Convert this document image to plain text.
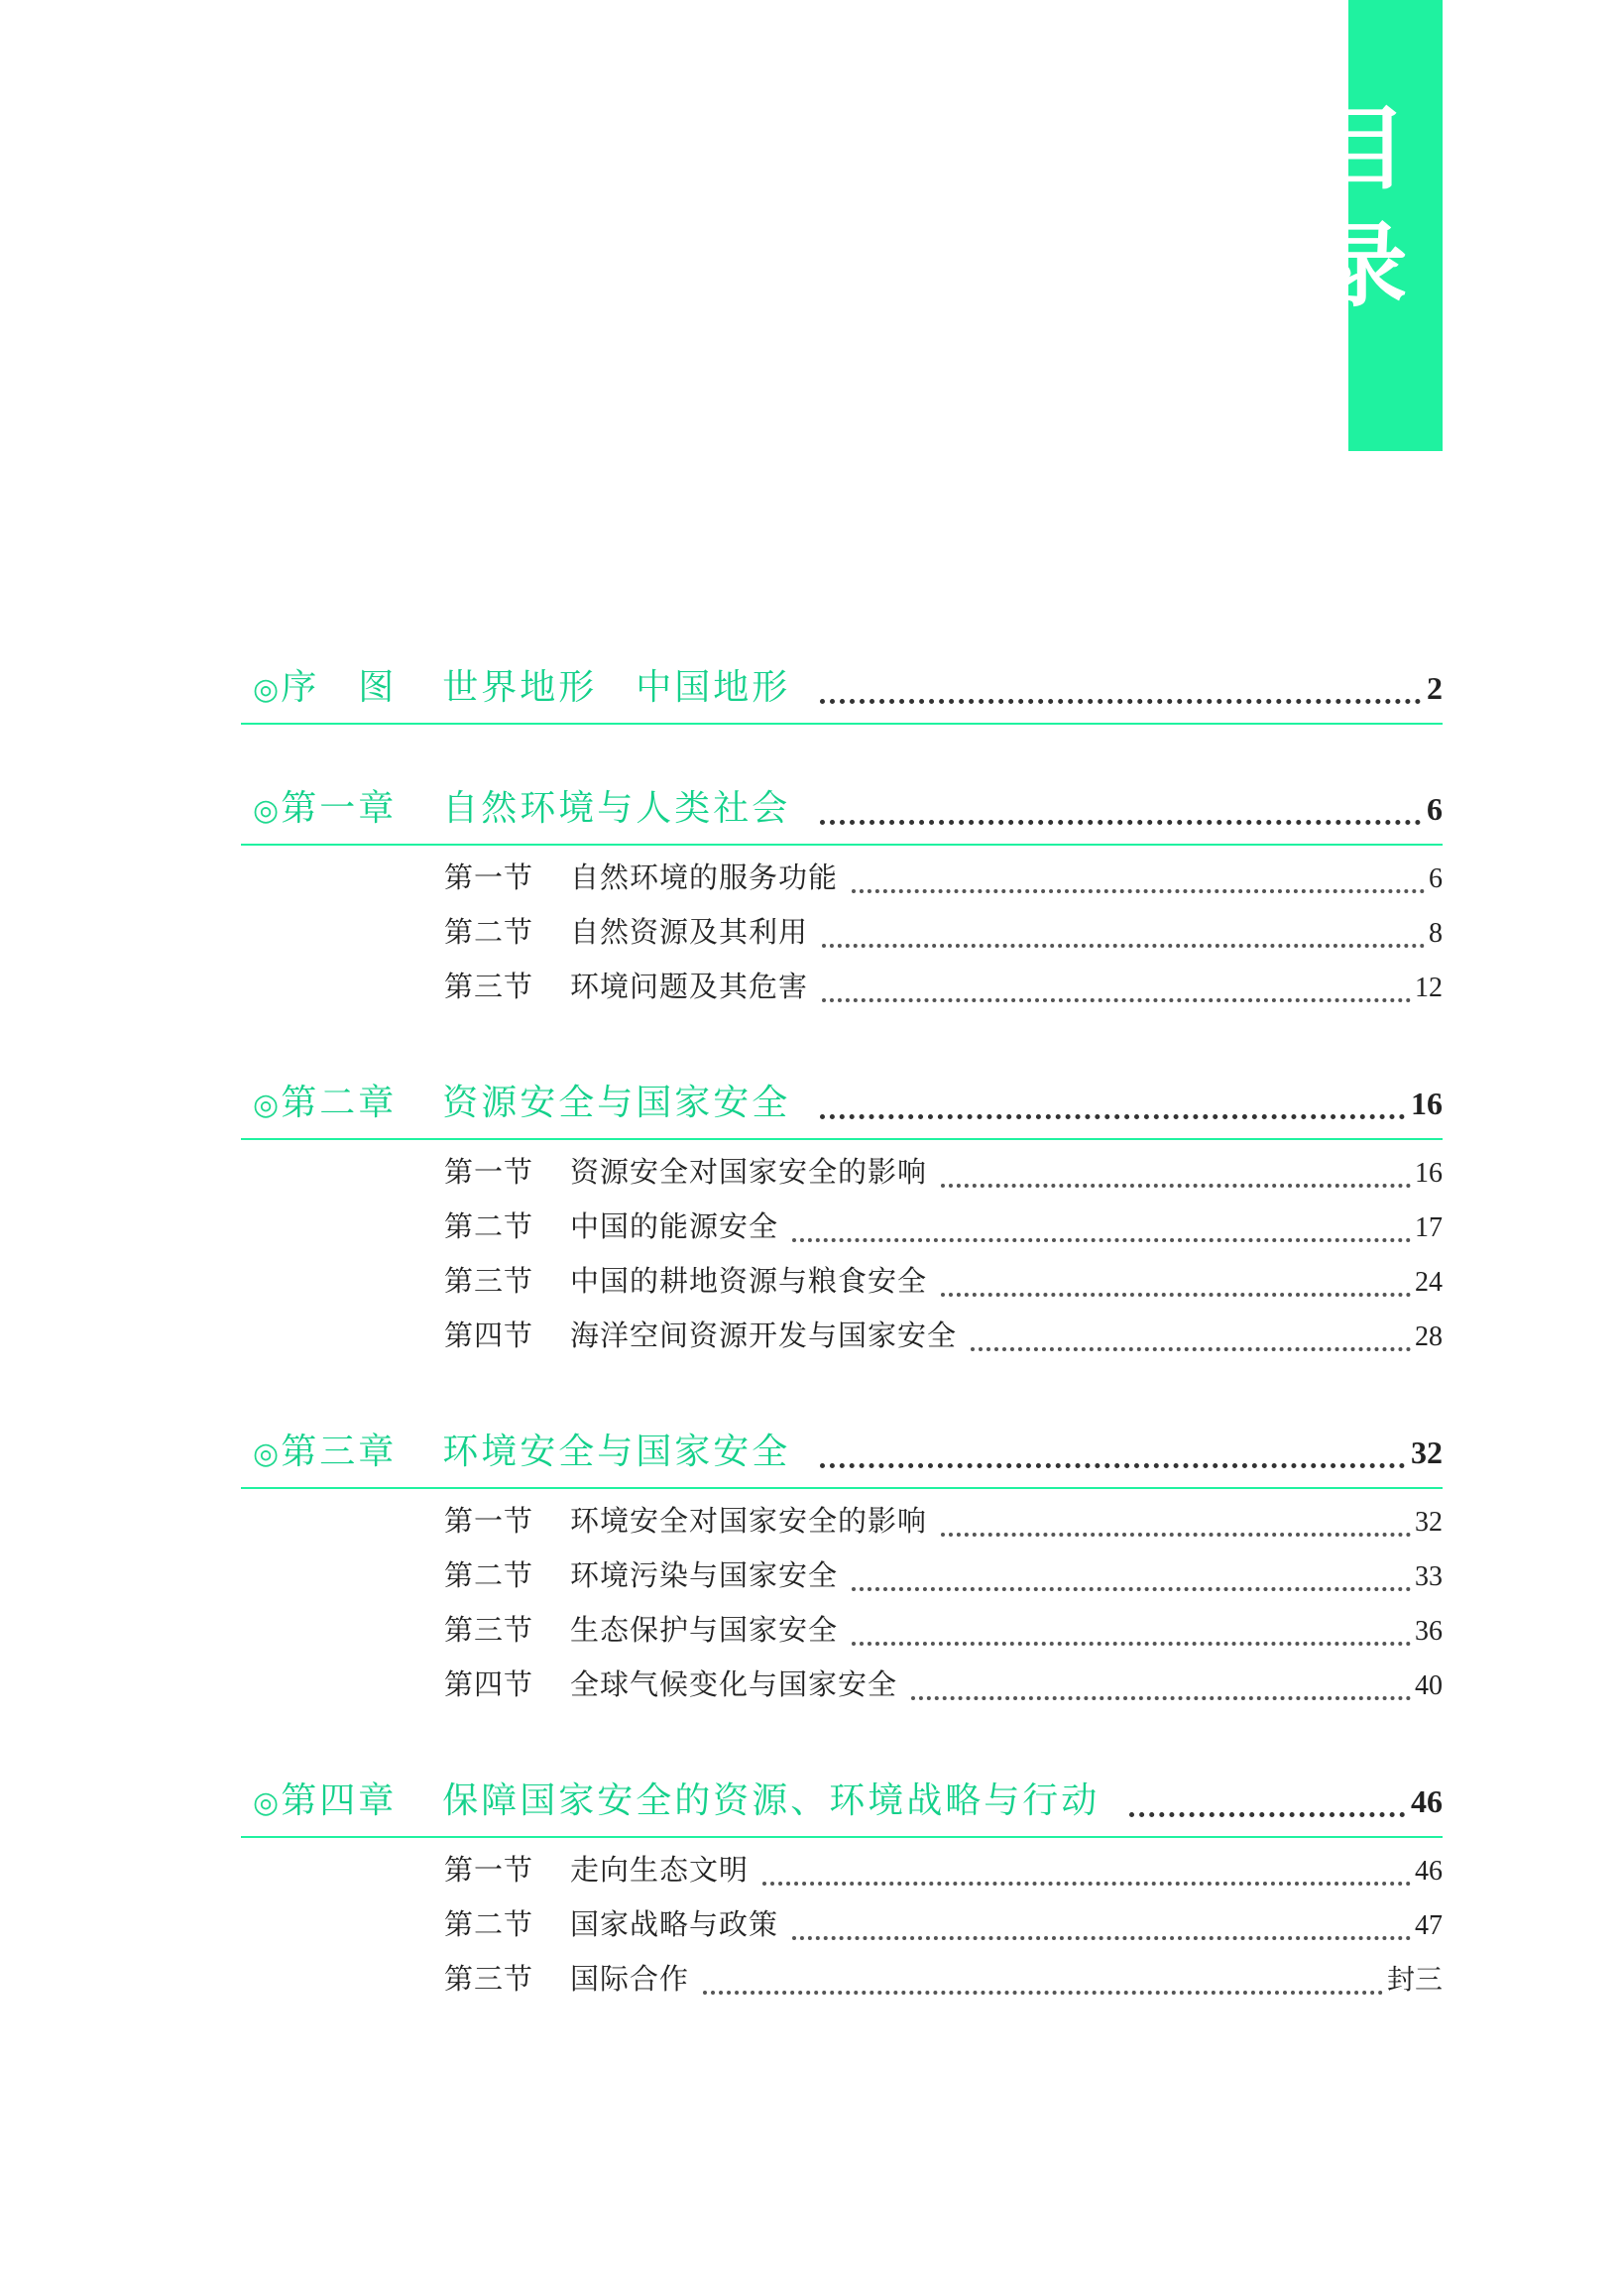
目
录
◎ 序　图 世界地形　中国地形	2
◎ 第一章 自然环境与人类社会	6
第一节	自然环境的服务功能	6
第二节	自然资源及其利用	8
第三节	环境问题及其危害	12
◎ 第二章 资源安全与国家安全	16
第一节	资源安全对国家安全的影响	16
第二节	中国的能源安全	17
第三节	中国的耕地资源与粮食安全	24
第四节	海洋空间资源开发与国家安全	28
◎ 第三章 环境安全与国家安全	32
第一节	环境安全对国家安全的影响	32
第二节	环境污染与国家安全	33
第三节	生态保护与国家安全	36
第四节	全球气候变化与国家安全	40
◎ 第四章 保障国家安全的资源、环境战略与行动	46
第一节	走向生态文明	46
第二节	国家战略与政策	47
第三节	国际合作	封三
